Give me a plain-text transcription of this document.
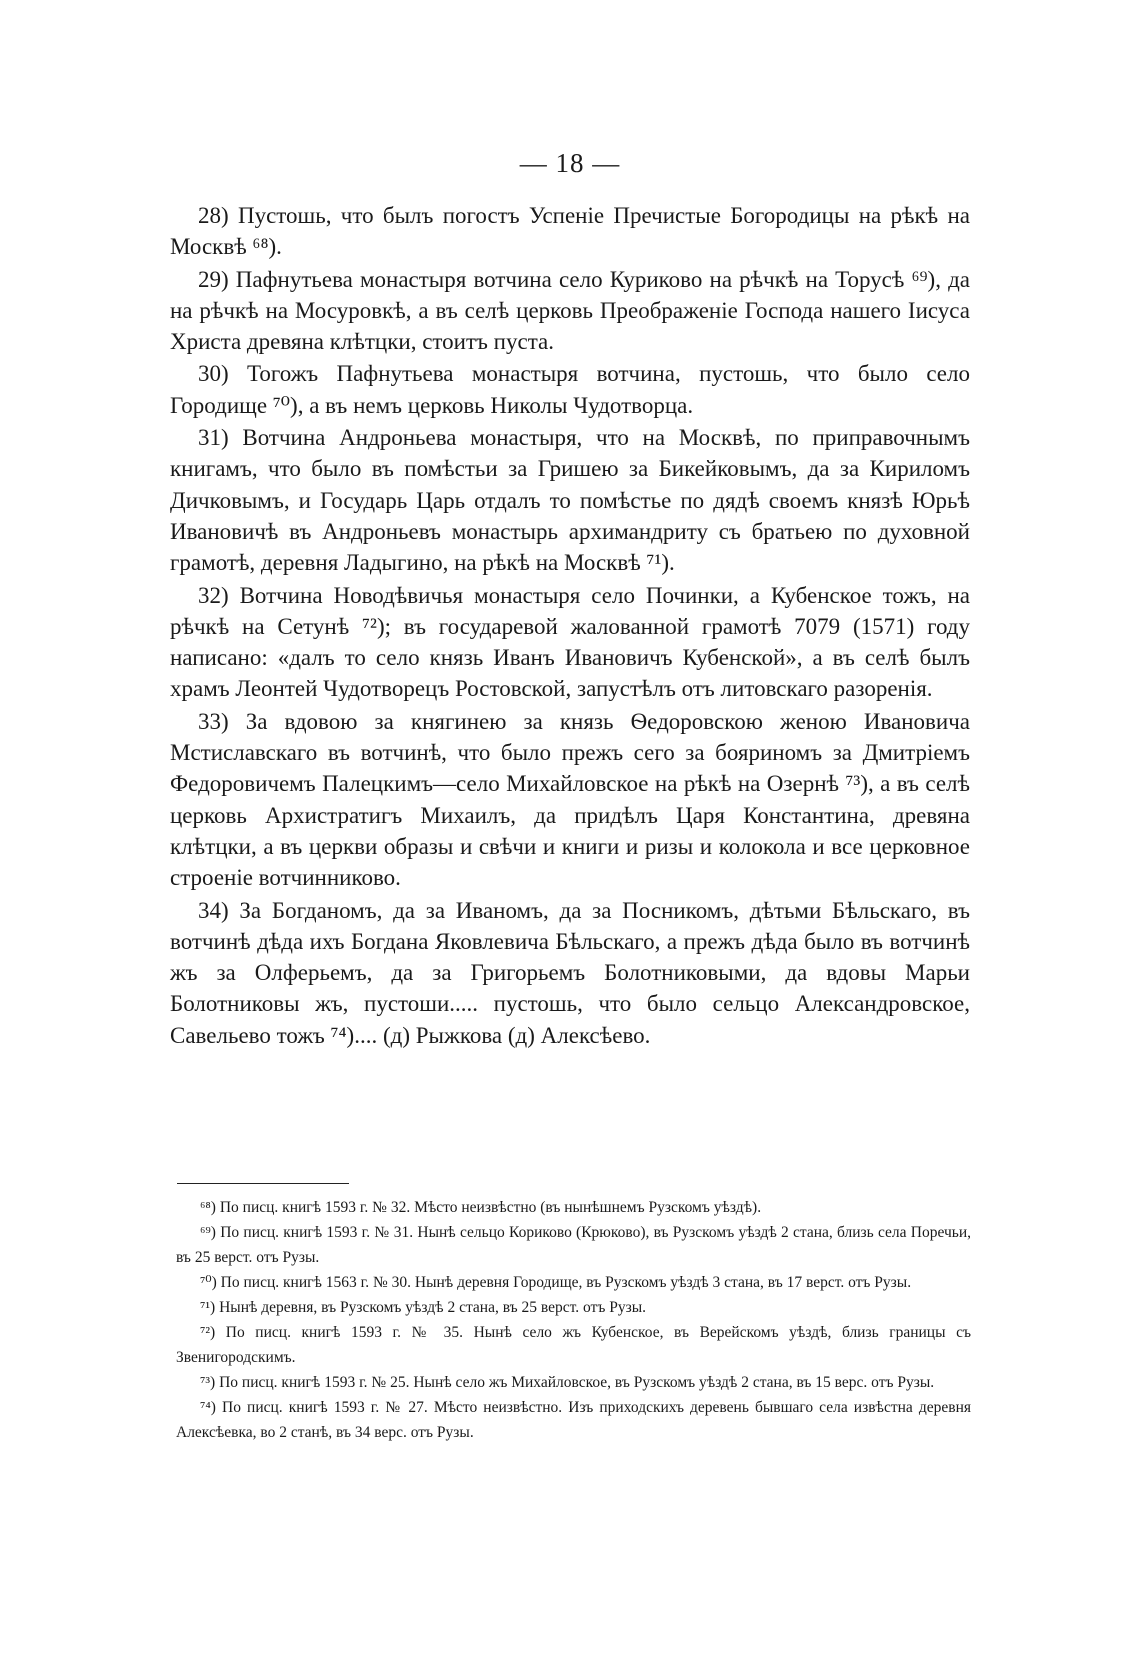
— 18 —

28) Пустошь, что былъ погостъ Успеніе Пречистые Богородицы на рѣкѣ на Москвѣ ⁶⁸).

29) Пафнутьева монастыря вотчина село Куриково на рѣчкѣ на Торусѣ ⁶⁹), да на рѣчкѣ на Мосуровкѣ, а въ селѣ церковь Преображеніе Господа нашего Іисуса Христа древяна клѣтцки, стоитъ пуста.

30) Тогожъ Пафнутьева монастыря вотчина, пустошь, что было село Городище ⁷⁰), а въ немъ церковь Николы Чудотворца.

31) Вотчина Андроньева монастыря, что на Москвѣ, по приправочнымъ книгамъ, что было въ помѣстьи за Гришею за Бикейковымъ, да за Кириломъ Дичковымъ, и Государь Царь отдалъ то помѣстье по дядѣ своемъ князѣ Юрьѣ Ивановичѣ въ Андроньевъ монастырь архимандриту съ братьею по духовной грамотѣ, деревня Ладыгино, на рѣкѣ на Москвѣ ⁷¹).

32) Вотчина Новодѣвичья монастыря село Починки, а Кубенское тожъ, на рѣчкѣ на Сетунѣ ⁷²); въ государевой жалованной грамотѣ 7079 (1571) году написано: «далъ то село князь Иванъ Ивановичъ Кубенской», а въ селѣ былъ храмъ Леонтей Чудотворецъ Ростовской, запустѣлъ отъ литовскаго разоренія.

33) За вдовою за княгинею за князь Ѳедоровскою женою Ивановича Мстиславскаго въ вотчинѣ, что было прежъ сего за бояриномъ за Дмитріемъ Федоровичемъ Палецкимъ—село Михайловское на рѣкѣ на Озернѣ ⁷³), а въ селѣ церковь Архистратигъ Михаилъ, да придѣлъ Царя Константина, древяна клѣтцки, а въ церкви образы и свѣчи и книги и ризы и колокола и все церковное строеніе вотчинниково.

34) За Богданомъ, да за Иваномъ, да за Посникомъ, дѣтьми Бѣльскаго, въ вотчинѣ дѣда ихъ Богдана Яковлевича Бѣльскаго, а прежъ дѣда было въ вотчинѣ жъ за Олферьемъ, да за Григорьемъ Болотниковыми, да вдовы Марьи Болотниковы жъ, пустоши..... пустошь, что было сельцо Александровское, Савельево тожъ ⁷⁴).... (д) Рыжкова (д) Алексѣево.

⁶⁸) По писц. книгѣ 1593 г. № 32. Мѣсто неизвѣстно (въ нынѣшнемъ Рузскомъ уѣздѣ).

⁶⁹) По писц. книгѣ 1593 г. № 31. Нынѣ сельцо Кориково (Крюково), въ Рузскомъ уѣздѣ 2 стана, близь села Поречьи, въ 25 верст. отъ Рузы.

⁷⁰) По писц. книгѣ 1563 г. № 30. Нынѣ деревня Городище, въ Рузскомъ уѣздѣ 3 стана, въ 17 верст. отъ Рузы.

⁷¹) Нынѣ деревня, въ Рузскомъ уѣздѣ 2 стана, въ 25 верст. отъ Рузы.

⁷²) По писц. книгѣ 1593 г. № 35. Нынѣ село жъ Кубенское, въ Верейскомъ уѣздѣ, близь границы съ Звенигородскимъ.

⁷³) По писц. книгѣ 1593 г. № 25. Нынѣ село жъ Михайловское, въ Рузскомъ уѣздѣ 2 стана, въ 15 верс. отъ Рузы.

⁷⁴) По писц. книгѣ 1593 г. № 27. Мѣсто неизвѣстно. Изъ приходскихъ деревень бывшаго села извѣстна деревня Алексѣевка, во 2 станѣ, въ 34 верс. отъ Рузы.
